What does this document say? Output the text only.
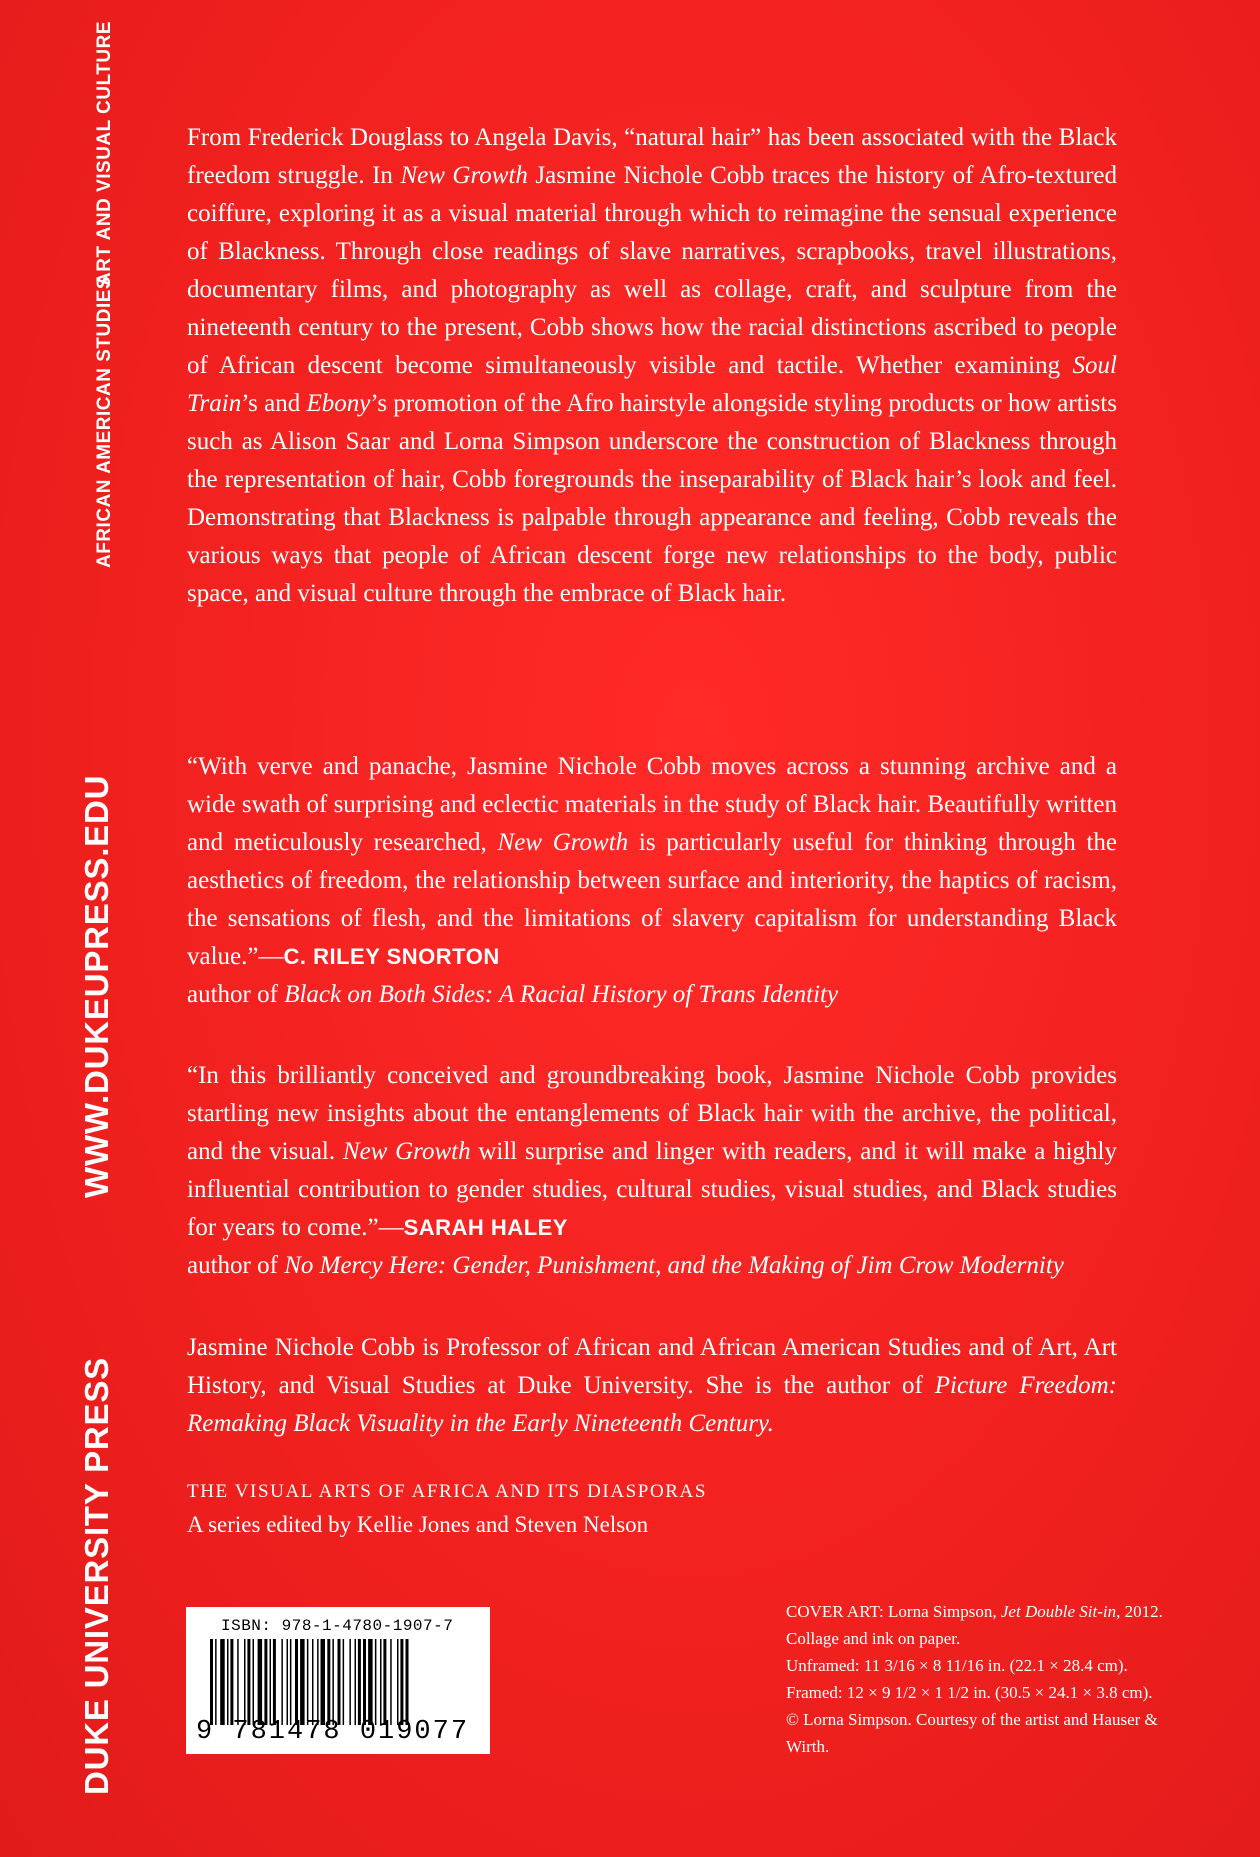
ART AND VISUAL CULTURE
AFRICAN AMERICAN STUDIES
WWW.DUKEUPRESS.EDU
DUKE UNIVERSITY PRESS

From Frederick Douglass to Angela Davis, “natural hair” has been associated with the Black freedom struggle. In New Growth Jasmine Nichole Cobb traces the history of Afro-textured coiffure, exploring it as a visual material through which to reimagine the sensual experience of Blackness. Through close readings of slave narratives, scrapbooks, travel illustrations, documentary films, and photography as well as collage, craft, and sculpture from the nineteenth century to the present, Cobb shows how the racial distinctions ascribed to people of African descent become simultaneously visible and tactile. Whether examining Soul Train’s and Ebony’s promotion of the Afro hairstyle alongside styling products or how artists such as Alison Saar and Lorna Simpson underscore the construction of Blackness through the representation of hair, Cobb foregrounds the inseparability of Black hair’s look and feel. Demonstrating that Blackness is palpable through appearance and feeling, Cobb reveals the various ways that people of African descent forge new relationships to the body, public space, and visual culture through the embrace of Black hair.

“With verve and panache, Jasmine Nichole Cobb moves across a stunning archive and a wide swath of surprising and eclectic materials in the study of Black hair. Beautifully written and meticulously researched, New Growth is particularly useful for thinking through the aesthetics of freedom, the relationship between surface and interiority, the haptics of racism, the sensations of flesh, and the limitations of slavery capitalism for understanding Black value.”—C. RILEY SNORTON

author of Black on Both Sides: A Racial History of Trans Identity

“In this brilliantly conceived and groundbreaking book, Jasmine Nichole Cobb provides startling new insights about the entanglements of Black hair with the archive, the political, and the visual. New Growth will surprise and linger with readers, and it will make a highly influential contribution to gender studies, cultural studies, visual studies, and Black studies for years to come.”—SARAH HALEY

author of No Mercy Here: Gender, Punishment, and the Making of Jim Crow Modernity

Jasmine Nichole Cobb is Professor of African and African American Studies and of Art, Art History, and Visual Studies at Duke University. She is the author of Picture Freedom: Remaking Black Visuality in the Early Nineteenth Century.

THE VISUAL ARTS OF AFRICA AND ITS DIASPORAS

A series edited by Kellie Jones and Steven Nelson

ISBN: 978-1-4780-1907-7
9 781478 019077

COVER ART: Lorna Simpson, Jet Double Sit-in, 2012. Collage and ink on paper.

Unframed: 11 3/16 × 8 11/16 in. (22.1 × 28.4 cm).

Framed: 12 × 9 1/2 × 1 1/2 in. (30.5 × 24.1 × 3.8 cm).

© Lorna Simpson. Courtesy of the artist and Hauser & Wirth.
